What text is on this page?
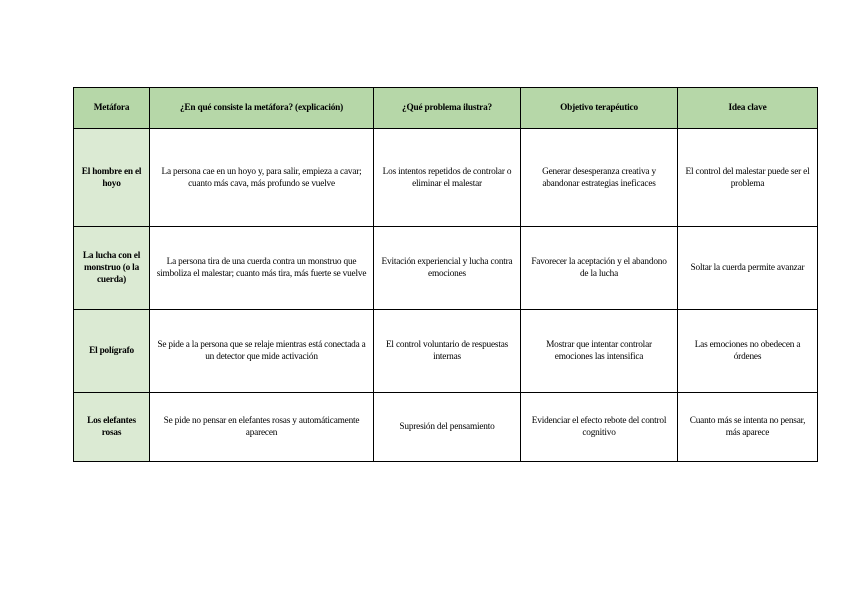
Metáfora	¿En qué consiste la metáfora? (explicación)	¿Qué problema ilustra?	Objetivo terapéutico	Idea clave
El hombre en el hoyo	La persona cae en un hoyo y, para salir, empieza a cavar; cuanto más cava, más profundo se vuelve	Los intentos repetidos de controlar o eliminar el malestar	Generar desesperanza creativa y abandonar estrategias ineficaces	El control del malestar puede ser el problema
La lucha con el monstruo (o la cuerda)	La persona tira de una cuerda contra un monstruo que simboliza el malestar; cuanto más tira, más fuerte se vuelve	Evitación experiencial y lucha contra emociones	Favorecer la aceptación y el abandono de la lucha	Soltar la cuerda permite avanzar
El polígrafo	Se pide a la persona que se relaje mientras está conectada a un detector que mide activación	El control voluntario de respuestas internas	Mostrar que intentar controlar emociones las intensifica	Las emociones no obedecen a órdenes
Los elefantes rosas	Se pide no pensar en elefantes rosas y automáticamente aparecen	Supresión del pensamiento	Evidenciar el efecto rebote del control cognitivo	Cuanto más se intenta no pensar, más aparece
